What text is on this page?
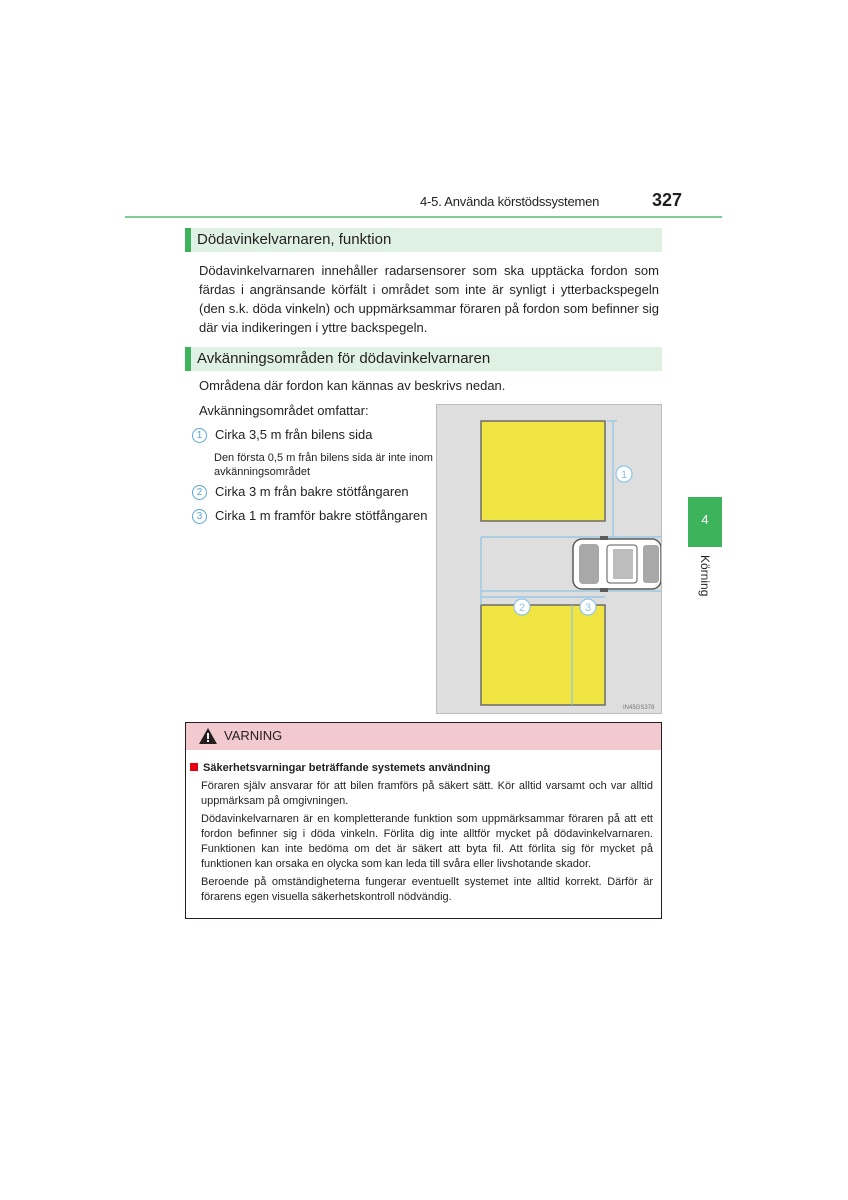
4-5. Använda körstödssystemen	327
Dödavinkelvarnaren, funktion
Dödavinkelvarnaren innehåller radarsensorer som ska upptäcka fordon som färdas i angränsande körfält i området som inte är synligt i ytterbackspegeln (den s.k. döda vinkeln) och uppmärksammar föraren på fordon som befinner sig där via indikeringen i yttre backspegeln.
Avkänningsområden för dödavinkelvarnaren
Områdena där fordon kan kännas av beskrivs nedan.
Avkänningsområdet omfattar:
1 Cirka 3,5 m från bilens sida
Den första 0,5 m från bilens sida är inte inom avkänningsområdet
2 Cirka 3 m från bakre stötfångaren
3 Cirka 1 m framför bakre stötfångaren
1
2	3
IN45GS378
4
Körning
VARNING
Säkerhetsvarningar beträffande systemets användning
Föraren själv ansvarar för att bilen framförs på säkert sätt. Kör alltid varsamt och var alltid uppmärksam på omgivningen.
Dödavinkelvarnaren är en kompletterande funktion som uppmärksammar föraren på att ett fordon befinner sig i döda vinkeln. Förlita dig inte alltför mycket på dödavinkelvarnaren. Funktionen kan inte bedöma om det är säkert att byta fil. Att förlita sig för mycket på funktionen kan orsaka en olycka som kan leda till svåra eller livshotande skador.
Beroende på omständigheterna fungerar eventuellt systemet inte alltid korrekt. Därför är förarens egen visuella säkerhetskontroll nödvändig.
